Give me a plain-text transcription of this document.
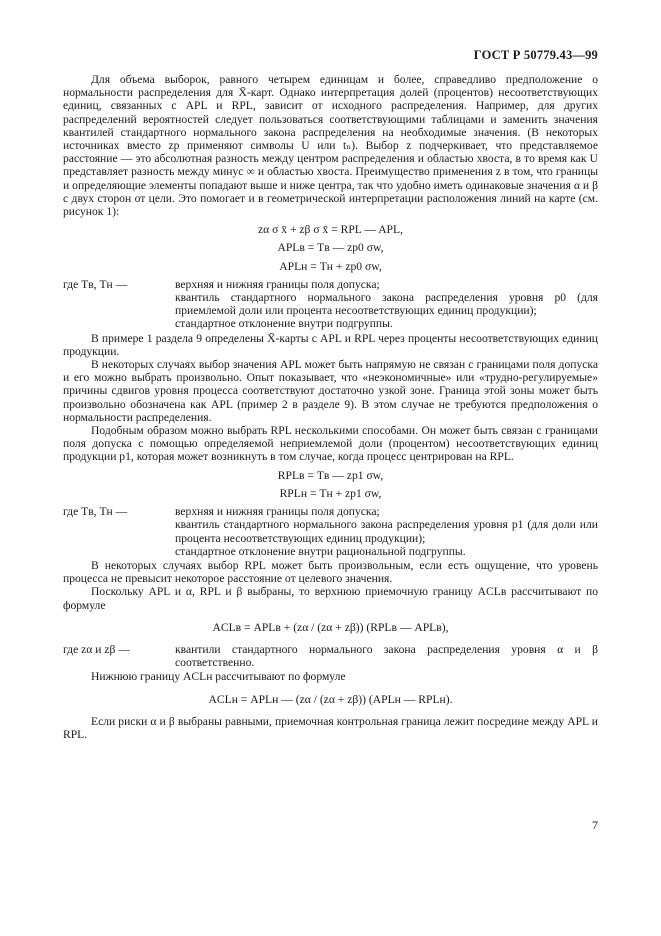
ГОСТ Р 50779.43—99

Для объема выборок, равного четырем единицам и более, справедливо предположение о нормальности распределения для X̄-карт. Однако интерпретация долей (процентов) несоответствующих единиц, связанных с APL и RPL, зависит от исходного распределения. Например, для других распределений вероятностей следует пользоваться соответствующими таблицами и заменить значения квантилей стандартного нормального закона распределения на необходимые значения. (В некоторых источниках вместо zp применяют символы U или tₙ). Выбор z подчеркивает, что представляемое расстояние — это абсолютная разность между центром распределения и областью хвоста, в то время как U представляет разность между минус ∞ и областью хвоста. Преимущество применения z в том, что границы и определяющие элементы попадают выше и ниже центра, так что удобно иметь одинаковые значения α и β с двух сторон от цели. Это помогает и в геометрической интерпретации расположения линий на карте (см. рисунок 1):

zα σ x̄ + zβ σ x̄ = RPL — APL,
APLв = Tв — zp0 σw,
APLн = Tн + zp0 σw,
где Tв, Tн —	верхняя и нижняя границы поля допуска;
квантиль стандартного нормального закона распределения уровня p0 (для приемлемой доли или процента несоответствующих единиц продукции);
стандартное отклонение внутри подгруппы.

В примере 1 раздела 9 определены X̄-карты с APL и RPL через проценты несоответствующих единиц продукции.

В некоторых случаях выбор значения APL может быть напрямую не связан с границами поля допуска и его можно выбрать произвольно. Опыт показывает, что «неэкономичные» или «трудно-регулируемые» причины сдвигов уровня процесса соответствуют достаточно узкой зоне. Граница этой зоны может быть произвольно обозначена как APL (пример 2 в разделе 9). В этом случае не требуются предположения о нормальности распределения.

Подобным образом можно выбрать RPL несколькими способами. Он может быть связан с границами поля допуска с помощью определяемой неприемлемой доли (процентом) несоответствующих единиц продукции p1, которая может возникнуть в том случае, когда процесс центрирован на RPL.

RPLв = Tв — zp1 σw,
RPLн = Tн + zp1 σw,
где Tв, Tн —	верхняя и нижняя границы поля допуска;
квантиль стандартного нормального закона распределения уровня p1 (для доли или процента несоответствующих единиц продукции);
стандартное отклонение внутри рациональной подгруппы.

В некоторых случаях выбор RPL может быть произвольным, если есть ощущение, что уровень процесса не превысит некоторое расстояние от целевого значения.

Поскольку APL и α, RPL и β выбраны, то верхнюю приемочную границу ACLв рассчитывают по формуле

ACLв = APLв + (zα / (zα + zβ)) (RPLв — APLв),
где zα и zβ —	квантили стандартного нормального закона распределения уровня α и β соответственно.

Нижнюю границу ACLн рассчитывают по формуле

ACLн = APLн — (zα / (zα + zβ)) (APLн — RPLн).

Если риски α и β выбраны равными, приемочная контрольная граница лежит посредине между APL и RPL.

7
